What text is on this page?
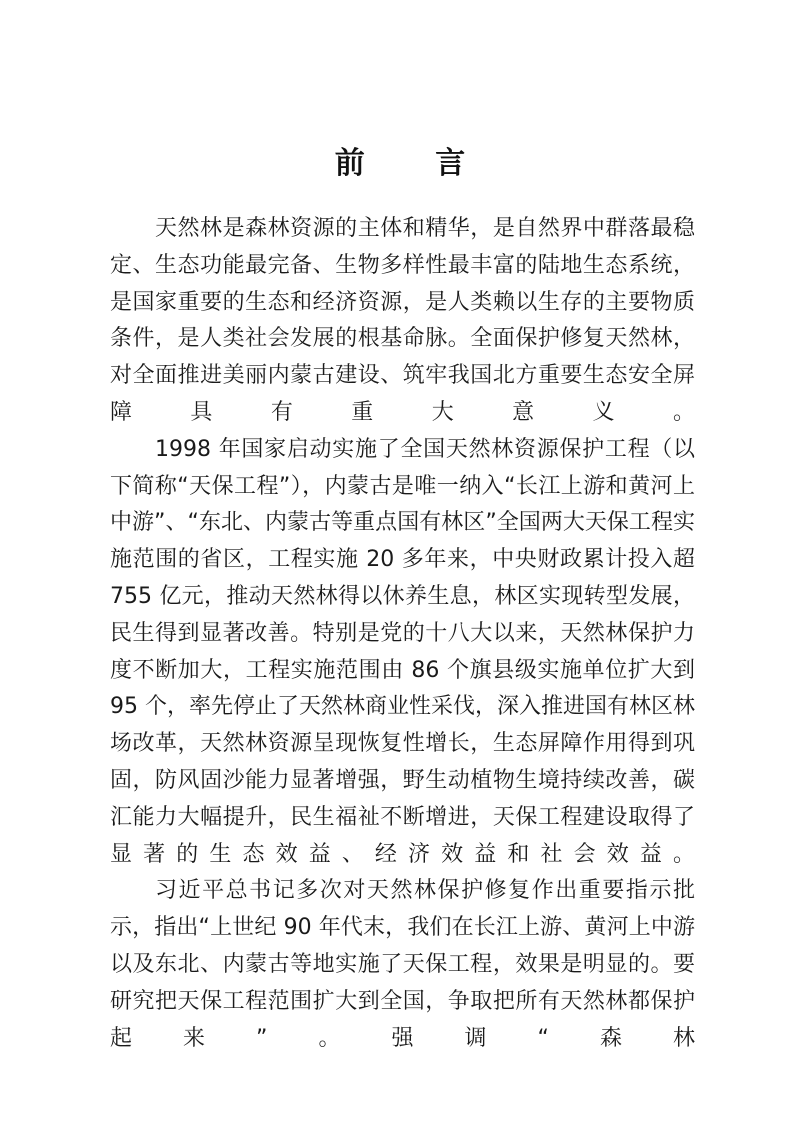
前 言

天然林是森林资源的主体和精华，是自然界中群落最稳定、生态功能最完备、生物多样性最丰富的陆地生态系统，是国家重要的生态和经济资源，是人类赖以生存的主要物质条件，是人类社会发展的根基命脉。全面保护修复天然林，对全面推进美丽内蒙古建设、筑牢我国北方重要生态安全屏障具有重大意义。

1998 年国家启动实施了全国天然林资源保护工程（以下简称“天保工程”），内蒙古是唯一纳入“长江上游和黄河上中游”、“东北、内蒙古等重点国有林区”全国两大天保工程实施范围的省区，工程实施 20 多年来，中央财政累计投入超 755 亿元，推动天然林得以休养生息，林区实现转型发展，民生得到显著改善。特别是党的十八大以来，天然林保护力度不断加大，工程实施范围由 86 个旗县级实施单位扩大到 95 个，率先停止了天然林商业性采伐，深入推进国有林区林场改革，天然林资源呈现恢复性增长，生态屏障作用得到巩固，防风固沙能力显著增强，野生动植物生境持续改善，碳汇能力大幅提升，民生福祉不断增进，天保工程建设取得了显著的生态效益、经济效益和社会效益。

习近平总书记多次对天然林保护修复作出重要指示批示，指出“上世纪 90 年代末，我们在长江上游、黄河上中游以及东北、内蒙古等地实施了天保工程，效果是明显的。要研究把天保工程范围扩大到全国，争取把所有天然林都保护起来”。强调“森林
